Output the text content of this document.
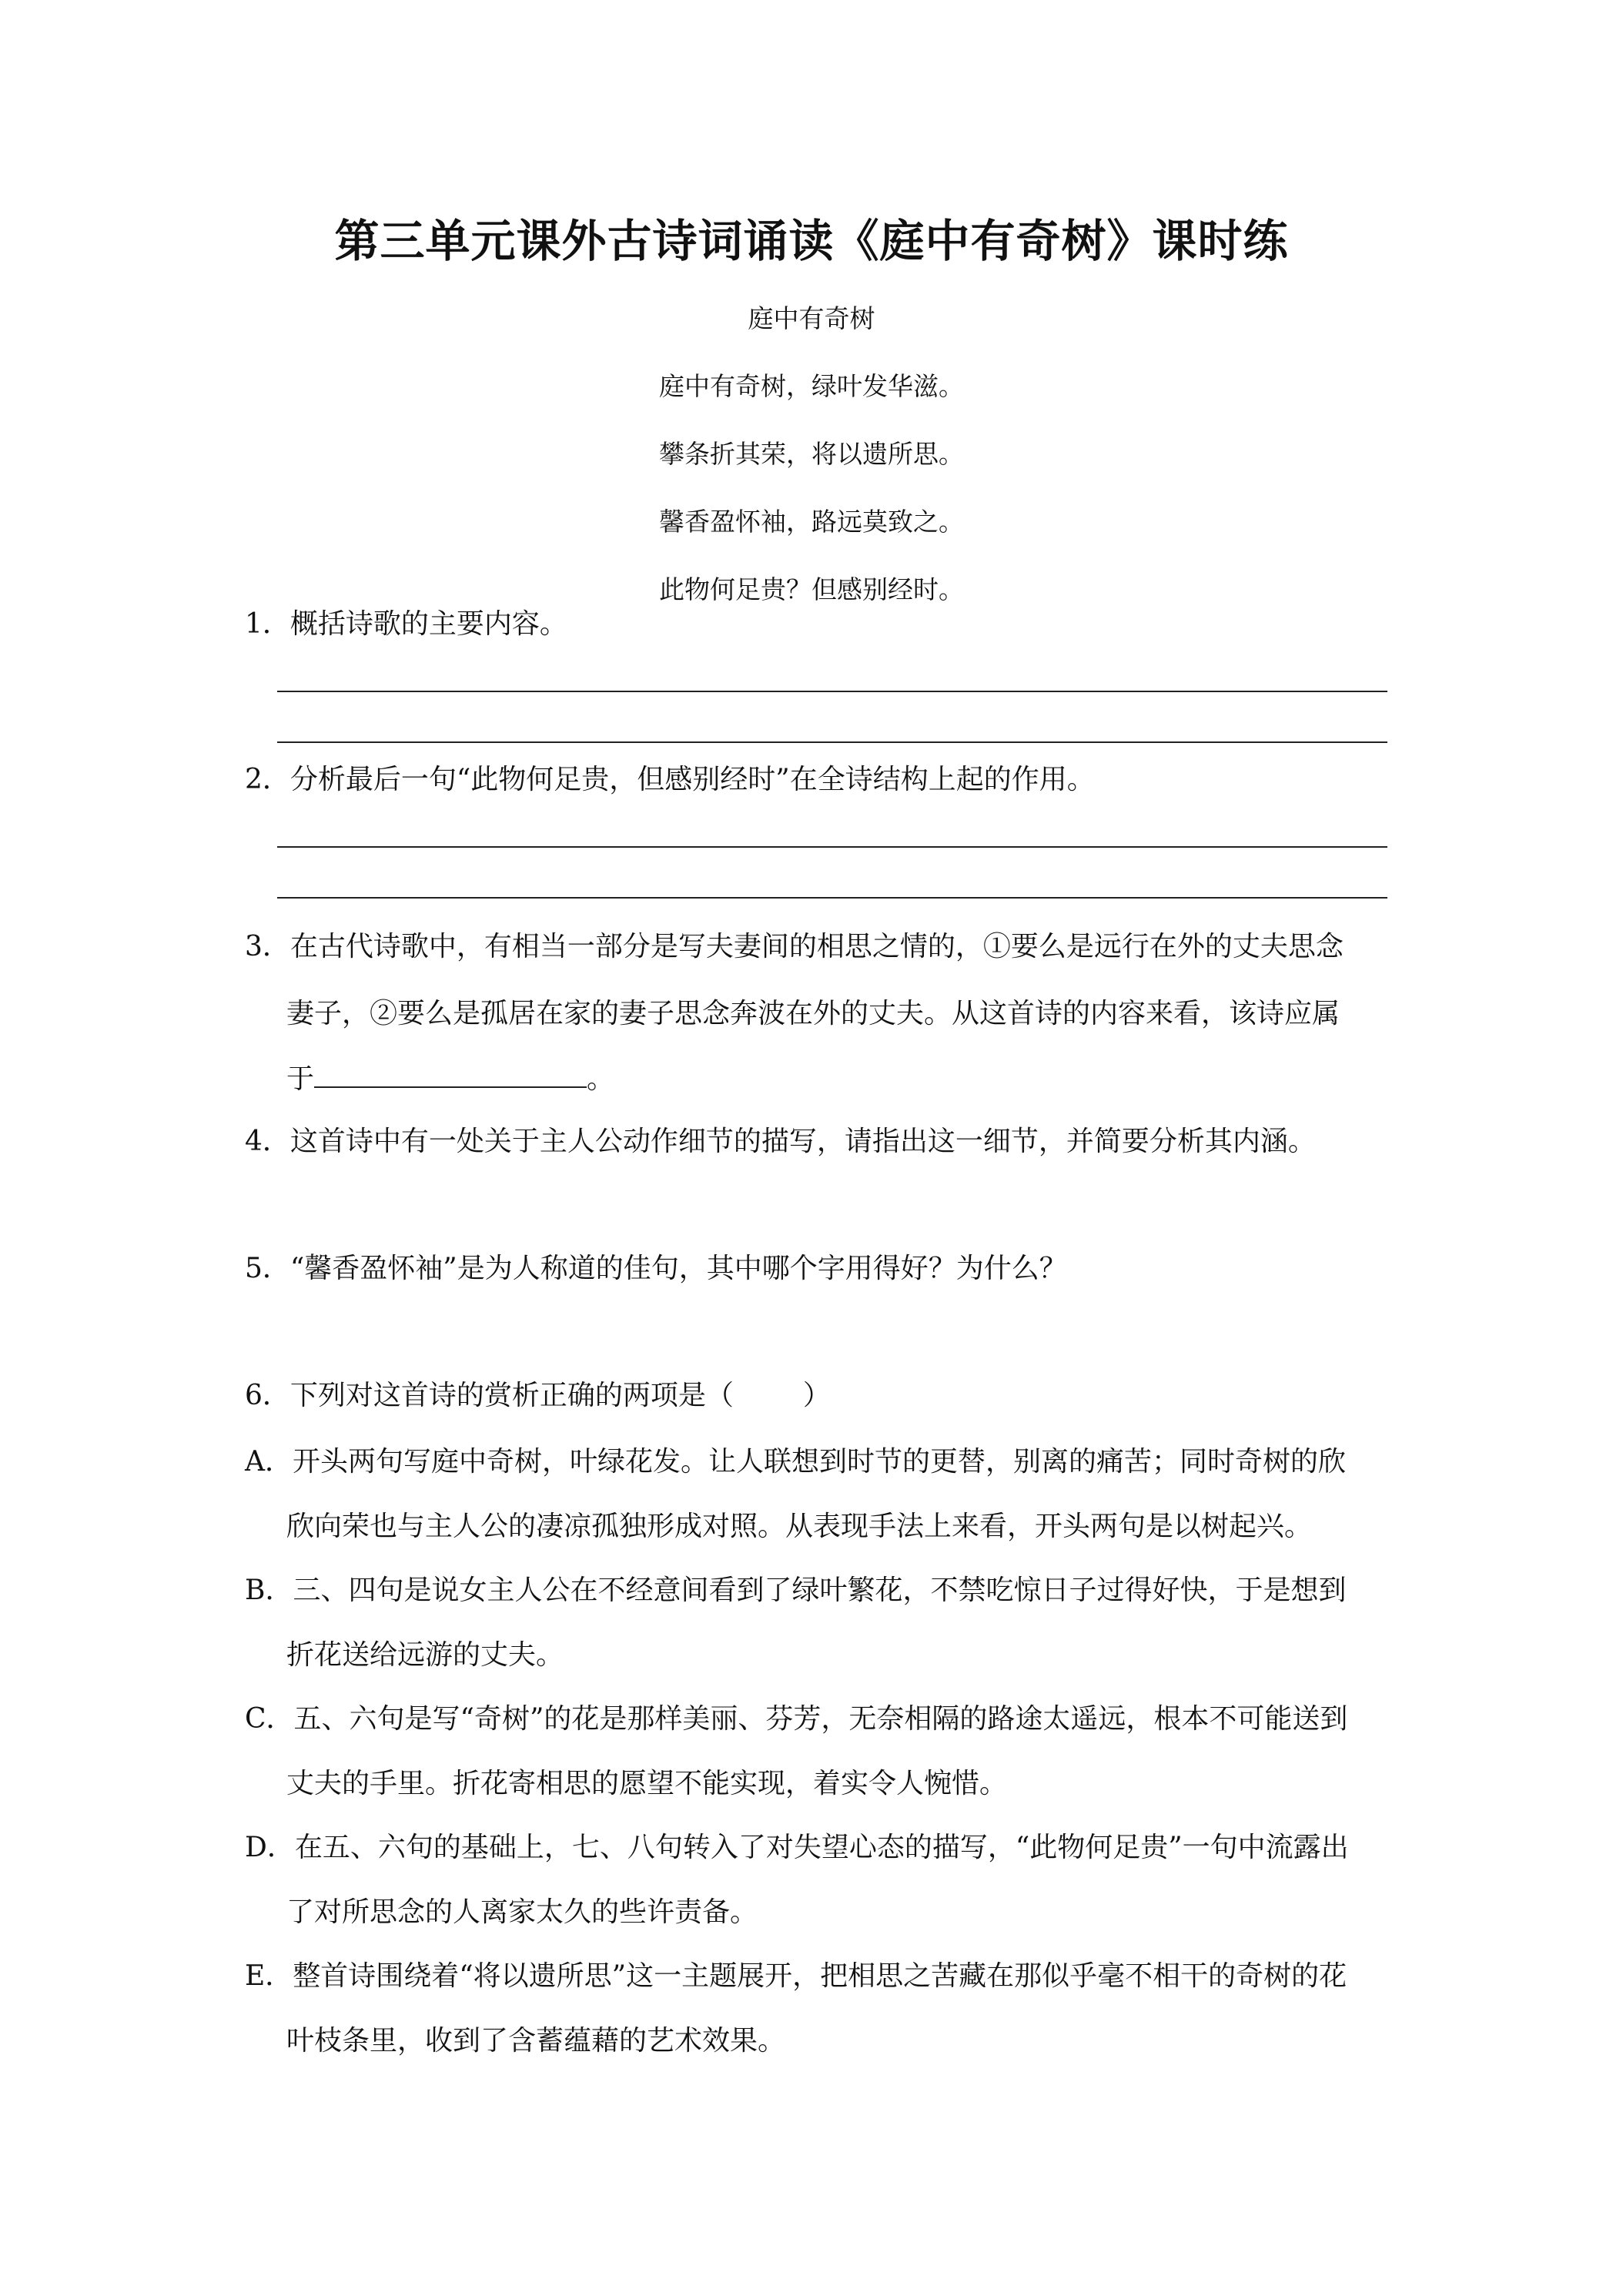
第三单元课外古诗词诵读《庭中有奇树》课时练
庭中有奇树
庭中有奇树，绿叶发华滋。
攀条折其荣，将以遗所思。
馨香盈怀袖，路远莫致之。
此物何足贵？但感别经时。
1．概括诗歌的主要内容。
2．分析最后一句“此物何足贵，但感别经时”在全诗结构上起的作用。
3．在古代诗歌中，有相当一部分是写夫妻间的相思之情的，①要么是远行在外的丈夫思念
妻子，②要么是孤居在家的妻子思念奔波在外的丈夫。从这首诗的内容来看，该诗应属
于	。
4．这首诗中有一处关于主人公动作细节的描写，请指出这一细节，并简要分析其内涵。
5．“馨香盈怀袖”是为人称道的佳句，其中哪个字用得好？为什么？
6．下列对这首诗的赏析正确的两项是（	）
A．开头两句写庭中奇树，叶绿花发。让人联想到时节的更替，别离的痛苦；同时奇树的欣
欣向荣也与主人公的凄凉孤独形成对照。从表现手法上来看，开头两句是以树起兴。
B．三、四句是说女主人公在不经意间看到了绿叶繁花，不禁吃惊日子过得好快，于是想到
折花送给远游的丈夫。
C．五、六句是写“奇树”的花是那样美丽、芬芳，无奈相隔的路途太遥远，根本不可能送到
丈夫的手里。折花寄相思的愿望不能实现，着实令人惋惜。
D．在五、六句的基础上，七、八句转入了对失望心态的描写，“此物何足贵”一句中流露出
了对所思念的人离家太久的些许责备。
E．整首诗围绕着“将以遗所思”这一主题展开，把相思之苦藏在那似乎毫不相干的奇树的花
叶枝条里，收到了含蓄蕴藉的艺术效果。
